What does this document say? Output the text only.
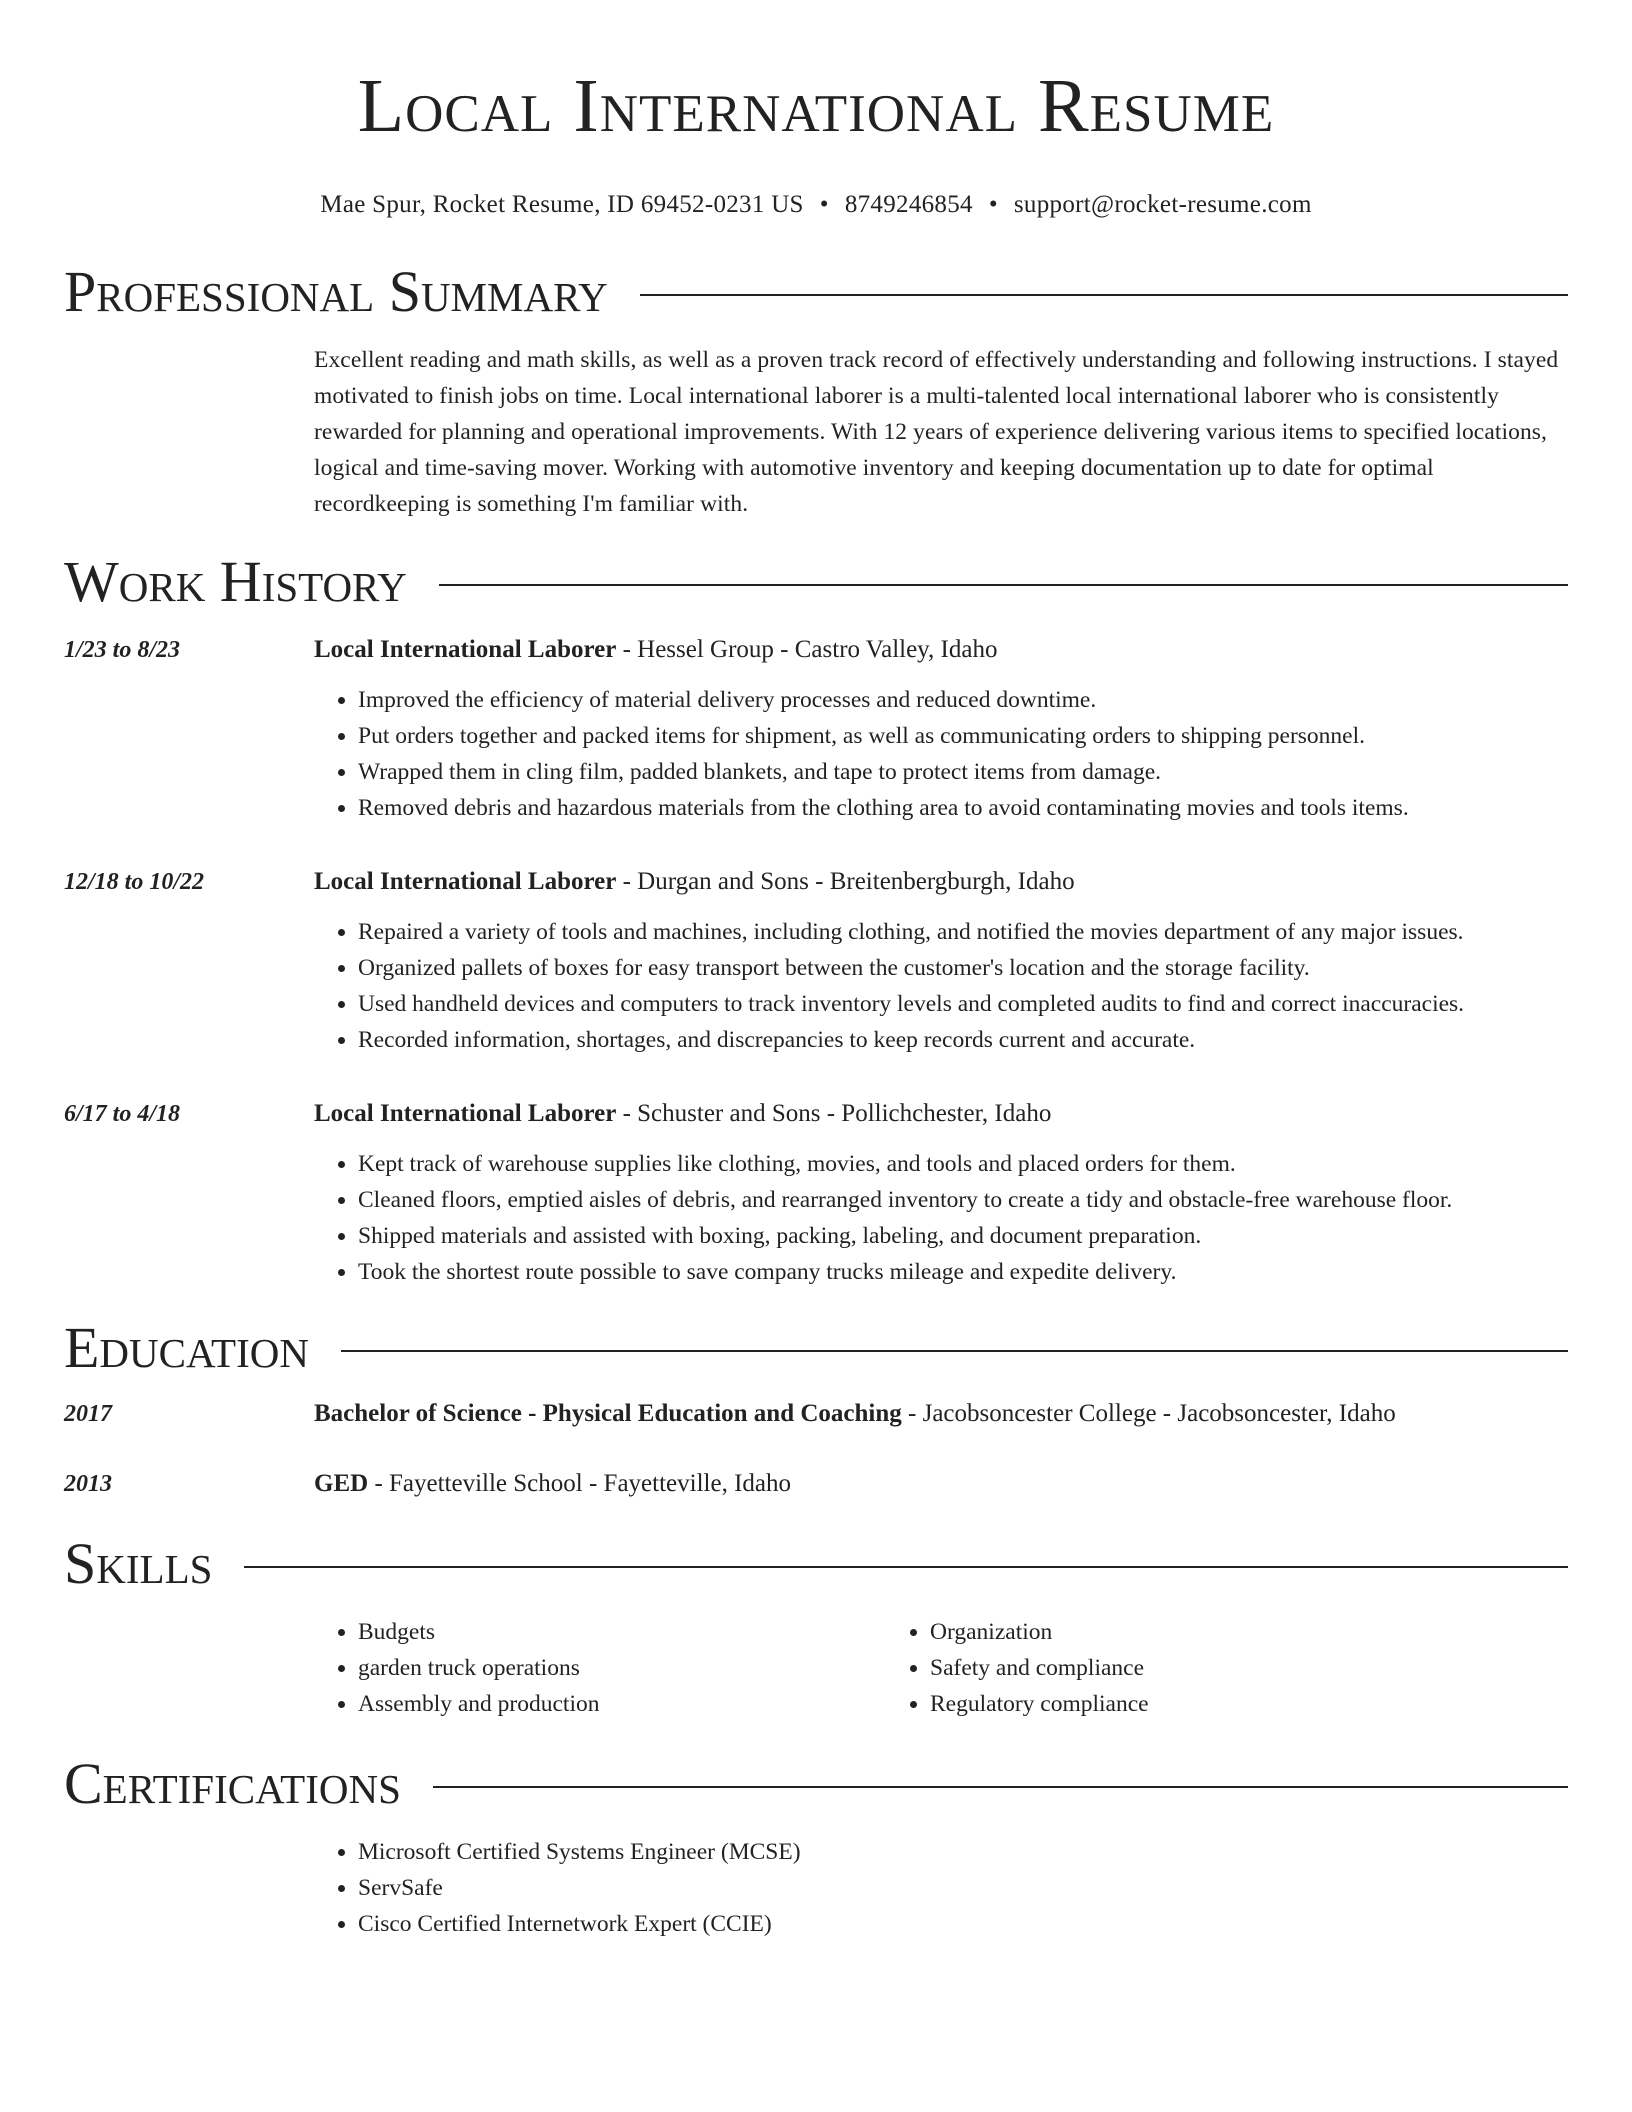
Local International Resume
Mae Spur, Rocket Resume, ID 69452-0231 US • 8749246854 • support@rocket-resume.com
Professional Summary
Excellent reading and math skills, as well as a proven track record of effectively understanding and following instructions. I stayed motivated to finish jobs on time. Local international laborer is a multi-talented local international laborer who is consistently rewarded for planning and operational improvements. With 12 years of experience delivering various items to specified locations, logical and time-saving mover. Working with automotive inventory and keeping documentation up to date for optimal recordkeeping is something I'm familiar with.
Work History
1/23 to 8/23	Local International Laborer - Hessel Group - Castro Valley, Idaho
• Improved the efficiency of material delivery processes and reduced downtime.
• Put orders together and packed items for shipment, as well as communicating orders to shipping personnel.
• Wrapped them in cling film, padded blankets, and tape to protect items from damage.
• Removed debris and hazardous materials from the clothing area to avoid contaminating movies and tools items.
12/18 to 10/22	Local International Laborer - Durgan and Sons - Breitenbergburgh, Idaho
• Repaired a variety of tools and machines, including clothing, and notified the movies department of any major issues.
• Organized pallets of boxes for easy transport between the customer's location and the storage facility.
• Used handheld devices and computers to track inventory levels and completed audits to find and correct inaccuracies.
• Recorded information, shortages, and discrepancies to keep records current and accurate.
6/17 to 4/18	Local International Laborer - Schuster and Sons - Pollichchester, Idaho
• Kept track of warehouse supplies like clothing, movies, and tools and placed orders for them.
• Cleaned floors, emptied aisles of debris, and rearranged inventory to create a tidy and obstacle-free warehouse floor.
• Shipped materials and assisted with boxing, packing, labeling, and document preparation.
• Took the shortest route possible to save company trucks mileage and expedite delivery.
Education
2017	Bachelor of Science - Physical Education and Coaching - Jacobsoncester College - Jacobsoncester, Idaho
2013	GED - Fayetteville School - Fayetteville, Idaho
Skills
• Budgets
• garden truck operations
• Assembly and production
• Organization
• Safety and compliance
• Regulatory compliance
Certifications
• Microsoft Certified Systems Engineer (MCSE)
• ServSafe
• Cisco Certified Internetwork Expert (CCIE)
